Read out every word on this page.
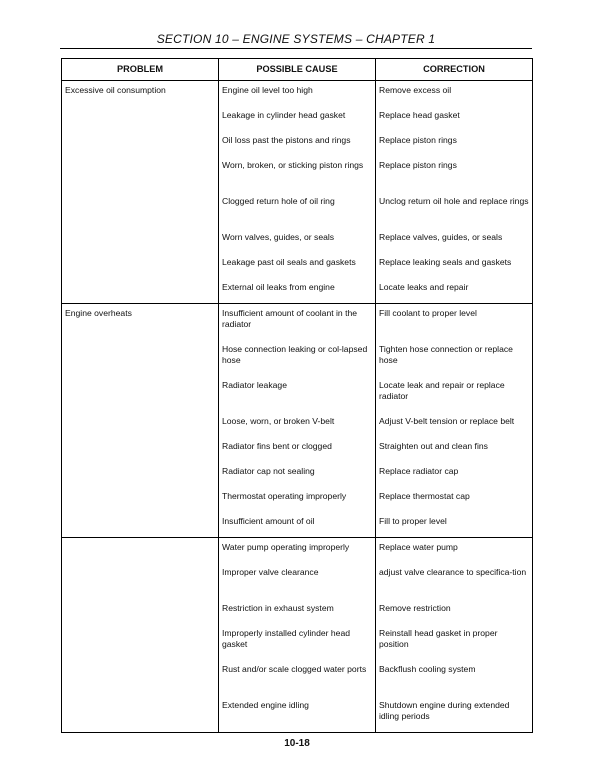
SECTION 10 – ENGINE SYSTEMS – CHAPTER 1
PROBLEM	POSSIBLE CAUSE	CORRECTION
Excessive oil consumption	Engine oil level too high	Remove excess oil
	Leakage in cylinder head gasket	Replace head gasket
	Oil loss past the pistons and rings	Replace piston rings
	Worn, broken, or sticking piston rings	Replace piston rings
	Clogged return hole of oil ring	Unclog return oil hole and replace rings
	Worn valves, guides, or seals	Replace valves, guides, or seals
	Leakage past oil seals and gaskets	Replace leaking seals and gaskets
	External oil leaks from engine	Locate leaks and repair
Engine overheats	Insufficient amount of coolant in the radiator	Fill coolant to proper level
	Hose connection leaking or col-lapsed hose	Tighten hose connection or replace hose
	Radiator leakage	Locate leak and repair or replace radiator
	Loose, worn, or broken V-belt	Adjust V-belt tension or replace belt
	Radiator fins bent or clogged	Straighten out and clean fins
	Radiator cap not sealing	Replace radiator cap
	Thermostat operating improperly	Replace thermostat cap
	Insufficient amount of oil	Fill to proper level
	Water pump operating improperly	Replace water pump
	Improper valve clearance	adjust valve clearance to specifica-tion
	Restriction in exhaust system	Remove restriction
	Improperly installed cylinder head gasket	Reinstall head gasket in proper position
	Rust and/or scale clogged water ports	Backflush cooling system
	Extended engine idling	Shutdown engine during extended idling periods
10-18
